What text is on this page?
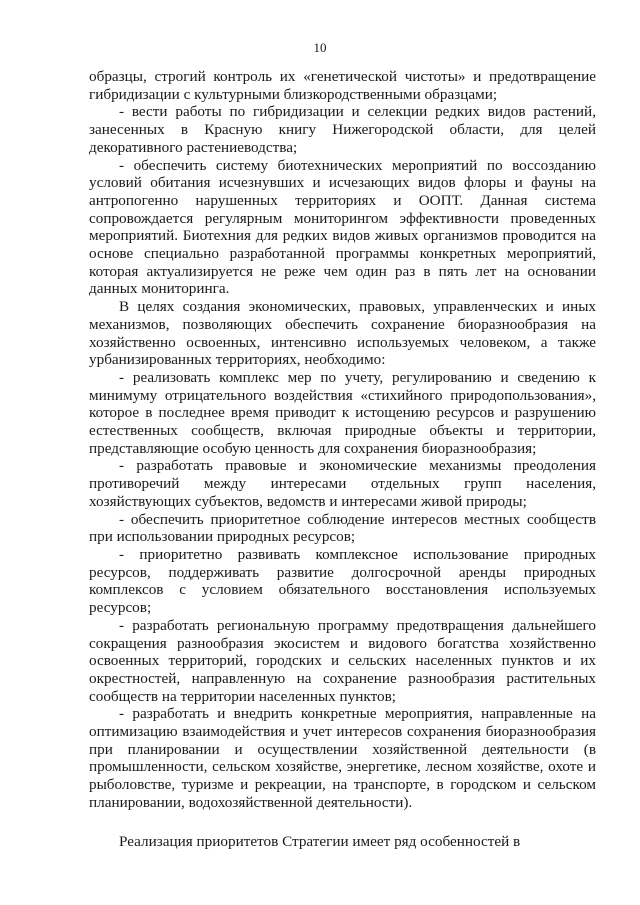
10

образцы, строгий контроль их «генетической чистоты» и предотвращение гибридизации с культурными близкородственными образцами;

- вести работы по гибридизации и селекции редких видов растений, занесенных в Красную книгу Нижегородской области, для целей декоративного растениеводства;

- обеспечить систему биотехнических мероприятий по воссозданию условий обитания исчезнувших и исчезающих видов флоры и фауны на антропогенно нарушенных территориях и ООПТ. Данная система сопровождается регулярным мониторингом эффективности проведенных мероприятий. Биотехния для редких видов живых организмов проводится на основе специально разработанной программы конкретных мероприятий, которая актуализируется не реже чем один раз в пять лет на основании данных мониторинга.

В целях создания экономических, правовых, управленческих и иных механизмов, позволяющих обеспечить сохранение биоразнообразия на хозяйственно освоенных, интенсивно используемых человеком, а также урбанизированных территориях, необходимо:

- реализовать комплекс мер по учету, регулированию и сведению к минимуму отрицательного воздействия «стихийного природопользования», которое в последнее время приводит к истощению ресурсов и разрушению естественных сообществ, включая природные объекты и территории, представляющие особую ценность для сохранения биоразнообразия;

- разработать правовые и экономические механизмы преодоления противоречий между интересами отдельных групп населения, хозяйствующих субъектов, ведомств и интересами живой природы;

- обеспечить приоритетное соблюдение интересов местных сообществ при использовании природных ресурсов;

- приоритетно развивать комплексное использование природных ресурсов, поддерживать развитие долгосрочной аренды природных комплексов с условием обязательного восстановления используемых ресурсов;

- разработать региональную программу предотвращения дальнейшего сокращения разнообразия экосистем и видового богатства хозяйственно освоенных территорий, городских и сельских населенных пунктов и их окрестностей, направленную на сохранение разнообразия растительных сообществ на территории населенных пунктов;

- разработать и внедрить конкретные мероприятия, направленные на оптимизацию взаимодействия и учет интересов сохранения биоразнообразия при планировании и осуществлении хозяйственной деятельности (в промышленности, сельском хозяйстве, энергетике, лесном хозяйстве, охоте и рыболовстве, туризме и рекреации, на транспорте, в городском и сельском планировании, водохозяйственной деятельности).

Реализация приоритетов Стратегии имеет ряд особенностей в
